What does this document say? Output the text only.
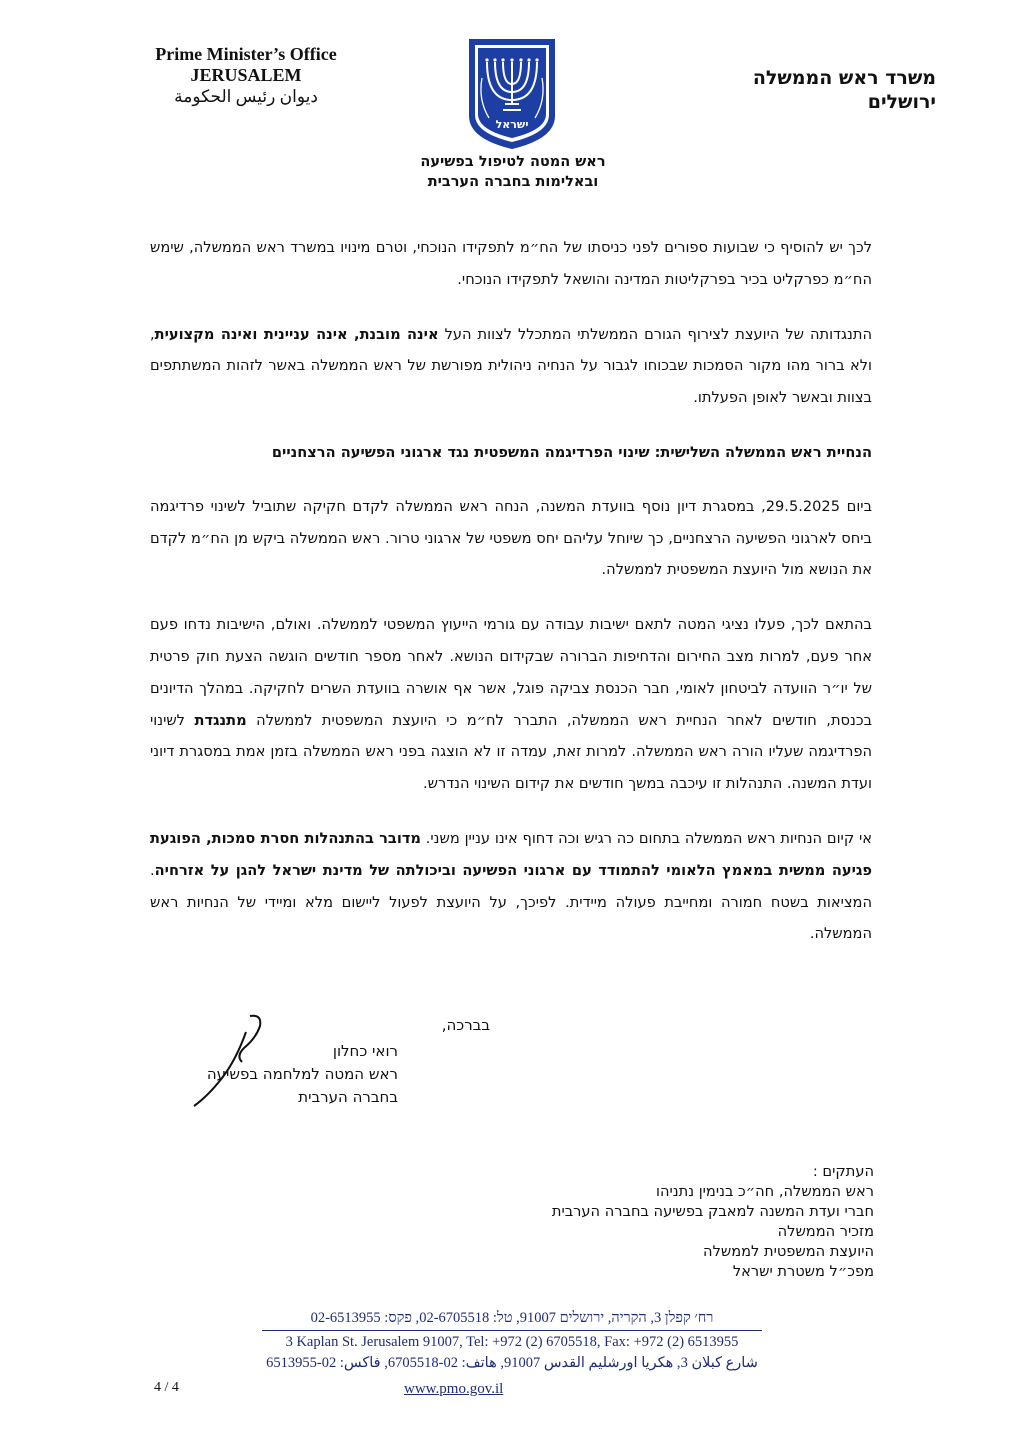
Prime Minister’s Office
JERUSALEM
ديوان رئيس الحكومة
ישראל
משרד ראש הממשלה
ירושלים
ראש המטה לטיפול בפשיעה
ובאלימות בחברה הערבית

לכך יש להוסיף כי שבועות ספורים לפני כניסתו של הח״מ לתפקידו הנוכחי, וטרם מינויו במשרד ראש הממשלה, שימש הח״מ כפרקליט בכיר בפרקליטות המדינה והושאל לתפקידו הנוכחי.

התנגדותה של היועצת לצירוף הגורם הממשלתי המתכלל לצוות העל אינה מובנת, אינה עניינית ואינה מקצועית, ולא ברור מהו מקור הסמכות שבכוחו לגבור על הנחיה ניהולית מפורשת של ראש הממשלה באשר לזהות המשתתפים בצוות ובאשר לאופן הפעלתו.

הנחיית ראש הממשלה השלישית: שינוי הפרדיגמה המשפטית נגד ארגוני הפשיעה הרצחניים

ביום 29.5.2025, במסגרת דיון נוסף בוועדת המשנה, הנחה ראש הממשלה לקדם חקיקה שתוביל לשינוי פרדיגמה ביחס לארגוני הפשיעה הרצחניים, כך שיוחל עליהם יחס משפטי של ארגוני טרור. ראש הממשלה ביקש מן הח״מ לקדם את הנושא מול היועצת המשפטית לממשלה.

בהתאם לכך, פעלו נציגי המטה לתאם ישיבות עבודה עם גורמי הייעוץ המשפטי לממשלה. ואולם, הישיבות נדחו פעם אחר פעם, למרות מצב החירום והדחיפות הברורה שבקידום הנושא. לאחר מספר חודשים הוגשה הצעת חוק פרטית של יו״ר הוועדה לביטחון לאומי, חבר הכנסת צביקה פוגל, אשר אף אושרה בוועדת השרים לחקיקה. במהלך הדיונים בכנסת, חודשים לאחר הנחיית ראש הממשלה, התברר לח״מ כי היועצת המשפטית לממשלה מתנגדת לשינוי הפרדיגמה שעליו הורה ראש הממשלה. למרות זאת, עמדה זו לא הוצגה בפני ראש הממשלה בזמן אמת במסגרת דיוני ועדת המשנה. התנהלות זו עיכבה במשך חודשים את קידום השינוי הנדרש.

אי קיום הנחיות ראש הממשלה בתחום כה רגיש וכה דחוף אינו עניין משני. מדובר בהתנהלות חסרת סמכות, הפוגעת פגיעה ממשית במאמץ הלאומי להתמודד עם ארגוני הפשיעה וביכולתה של מדינת ישראל להגן על אזרחיה. המציאות בשטח חמורה ומחייבת פעולה מיידית. לפיכך, על היועצת לפעול ליישום מלא ומיידי של הנחיות ראש הממשלה.

בברכה,
רואי כחלון
ראש המטה למלחמה בפשיעה
בחברה הערבית
העתקים :
ראש הממשלה, חה״כ בנימין נתניהו
חברי ועדת המשנה למאבק בפשיעה בחברה הערבית
מזכיר הממשלה
היועצת המשפטית לממשלה
מפכ״ל משטרת ישראל
רח׳ קפלן 3, הקריה, ירושלים 91007, טל: 02-6705518, פקס: 02-6513955
3 Kaplan St. Jerusalem 91007, Tel: +972 (2) 6705518, Fax: +972 (2) 6513955
شارع كبلان 3, هكريا اورشليم القدس 91007, هاتف: 02-6705518, فاكس: 02-6513955
4 / 4	www.pmo.gov.il
